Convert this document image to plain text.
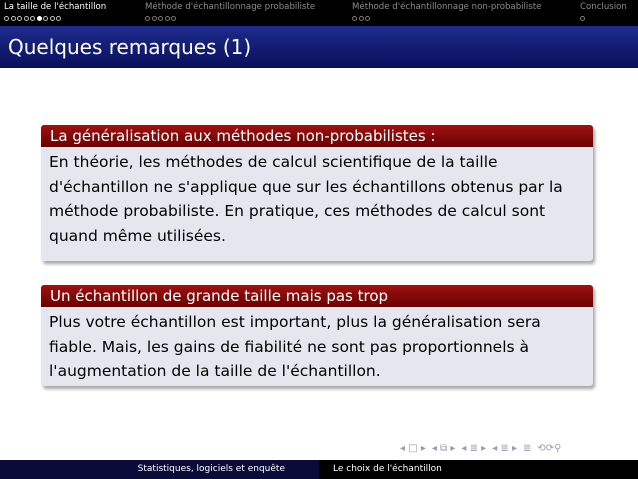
La taille de l'échantillon	Méthode d'échantillonnage probabiliste	Méthode d'échantillonnage non-probabiliste	Conclusion
Quelques remarques (1)
La généralisation aux méthodes non-probabilistes :
En théorie, les méthodes de calcul scientifique de la taille
d'échantillon ne s'applique que sur les échantillons obtenus par la
méthode probabiliste. En pratique, ces méthodes de calcul sont
quand même utilisées.
Un échantillon de grande taille mais pas trop
Plus votre échantillon est important, plus la généralisation sera
fiable. Mais, les gains de fiabilité ne sont pas proportionnels à
l'augmentation de la taille de l'échantillon.
◂ □ ▸ ◂ ⧉ ▸ ◂ ≣ ▸ ◂ ≣ ▸ ≣ ⟲⟳⚲
Statistiques, logiciels et enquête	Le choix de l'échantillon
